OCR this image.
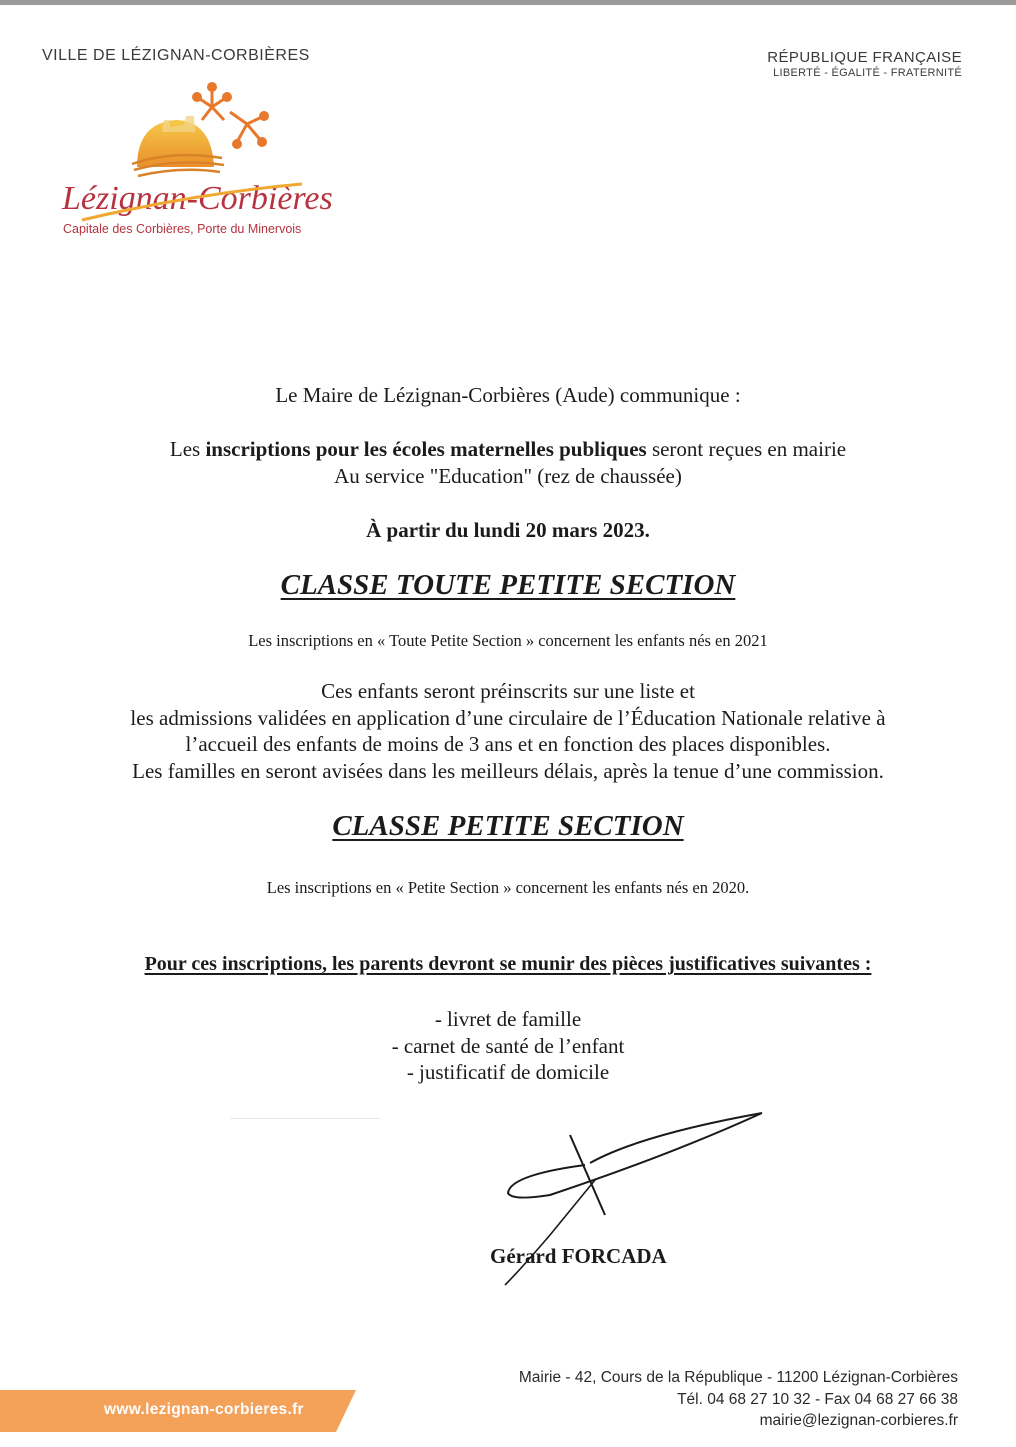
VILLE DE LÉZIGNAN-CORBIÈRES	RÉPUBLIQUE FRANÇAISE
LIBERTÉ - ÉGALITÉ - FRATERNITÉ
Lézignan-Corbières
Capitale des Corbières, Porte du Minervois
Le Maire de Lézignan-Corbières (Aude) communique :
Les inscriptions pour les écoles maternelles publiques seront reçues en mairie
Au service "Education" (rez de chaussée)
À partir du lundi 20 mars 2023.
CLASSE TOUTE PETITE SECTION
Les inscriptions en « Toute Petite Section » concernent les enfants nés en 2021
Ces enfants seront préinscrits sur une liste et
les admissions validées en application d’une circulaire de l’Éducation Nationale relative à
l’accueil des enfants de moins de 3 ans et en fonction des places disponibles.
Les familles en seront avisées dans les meilleurs délais, après la tenue d’une commission.
CLASSE PETITE SECTION
Les inscriptions en « Petite Section » concernent les enfants nés en 2020.
Pour ces inscriptions, les parents devront se munir des pièces justificatives suivantes :
- livret de famille
- carnet de santé de l’enfant
- justificatif de domicile
Gérard FORCADA
Mairie - 42, Cours de la République - 11200 Lézignan-Corbières
Tél. 04 68 27 10 32 - Fax 04 68 27 66 38
mairie@lezignan-corbieres.fr
www.lezignan-corbieres.fr
